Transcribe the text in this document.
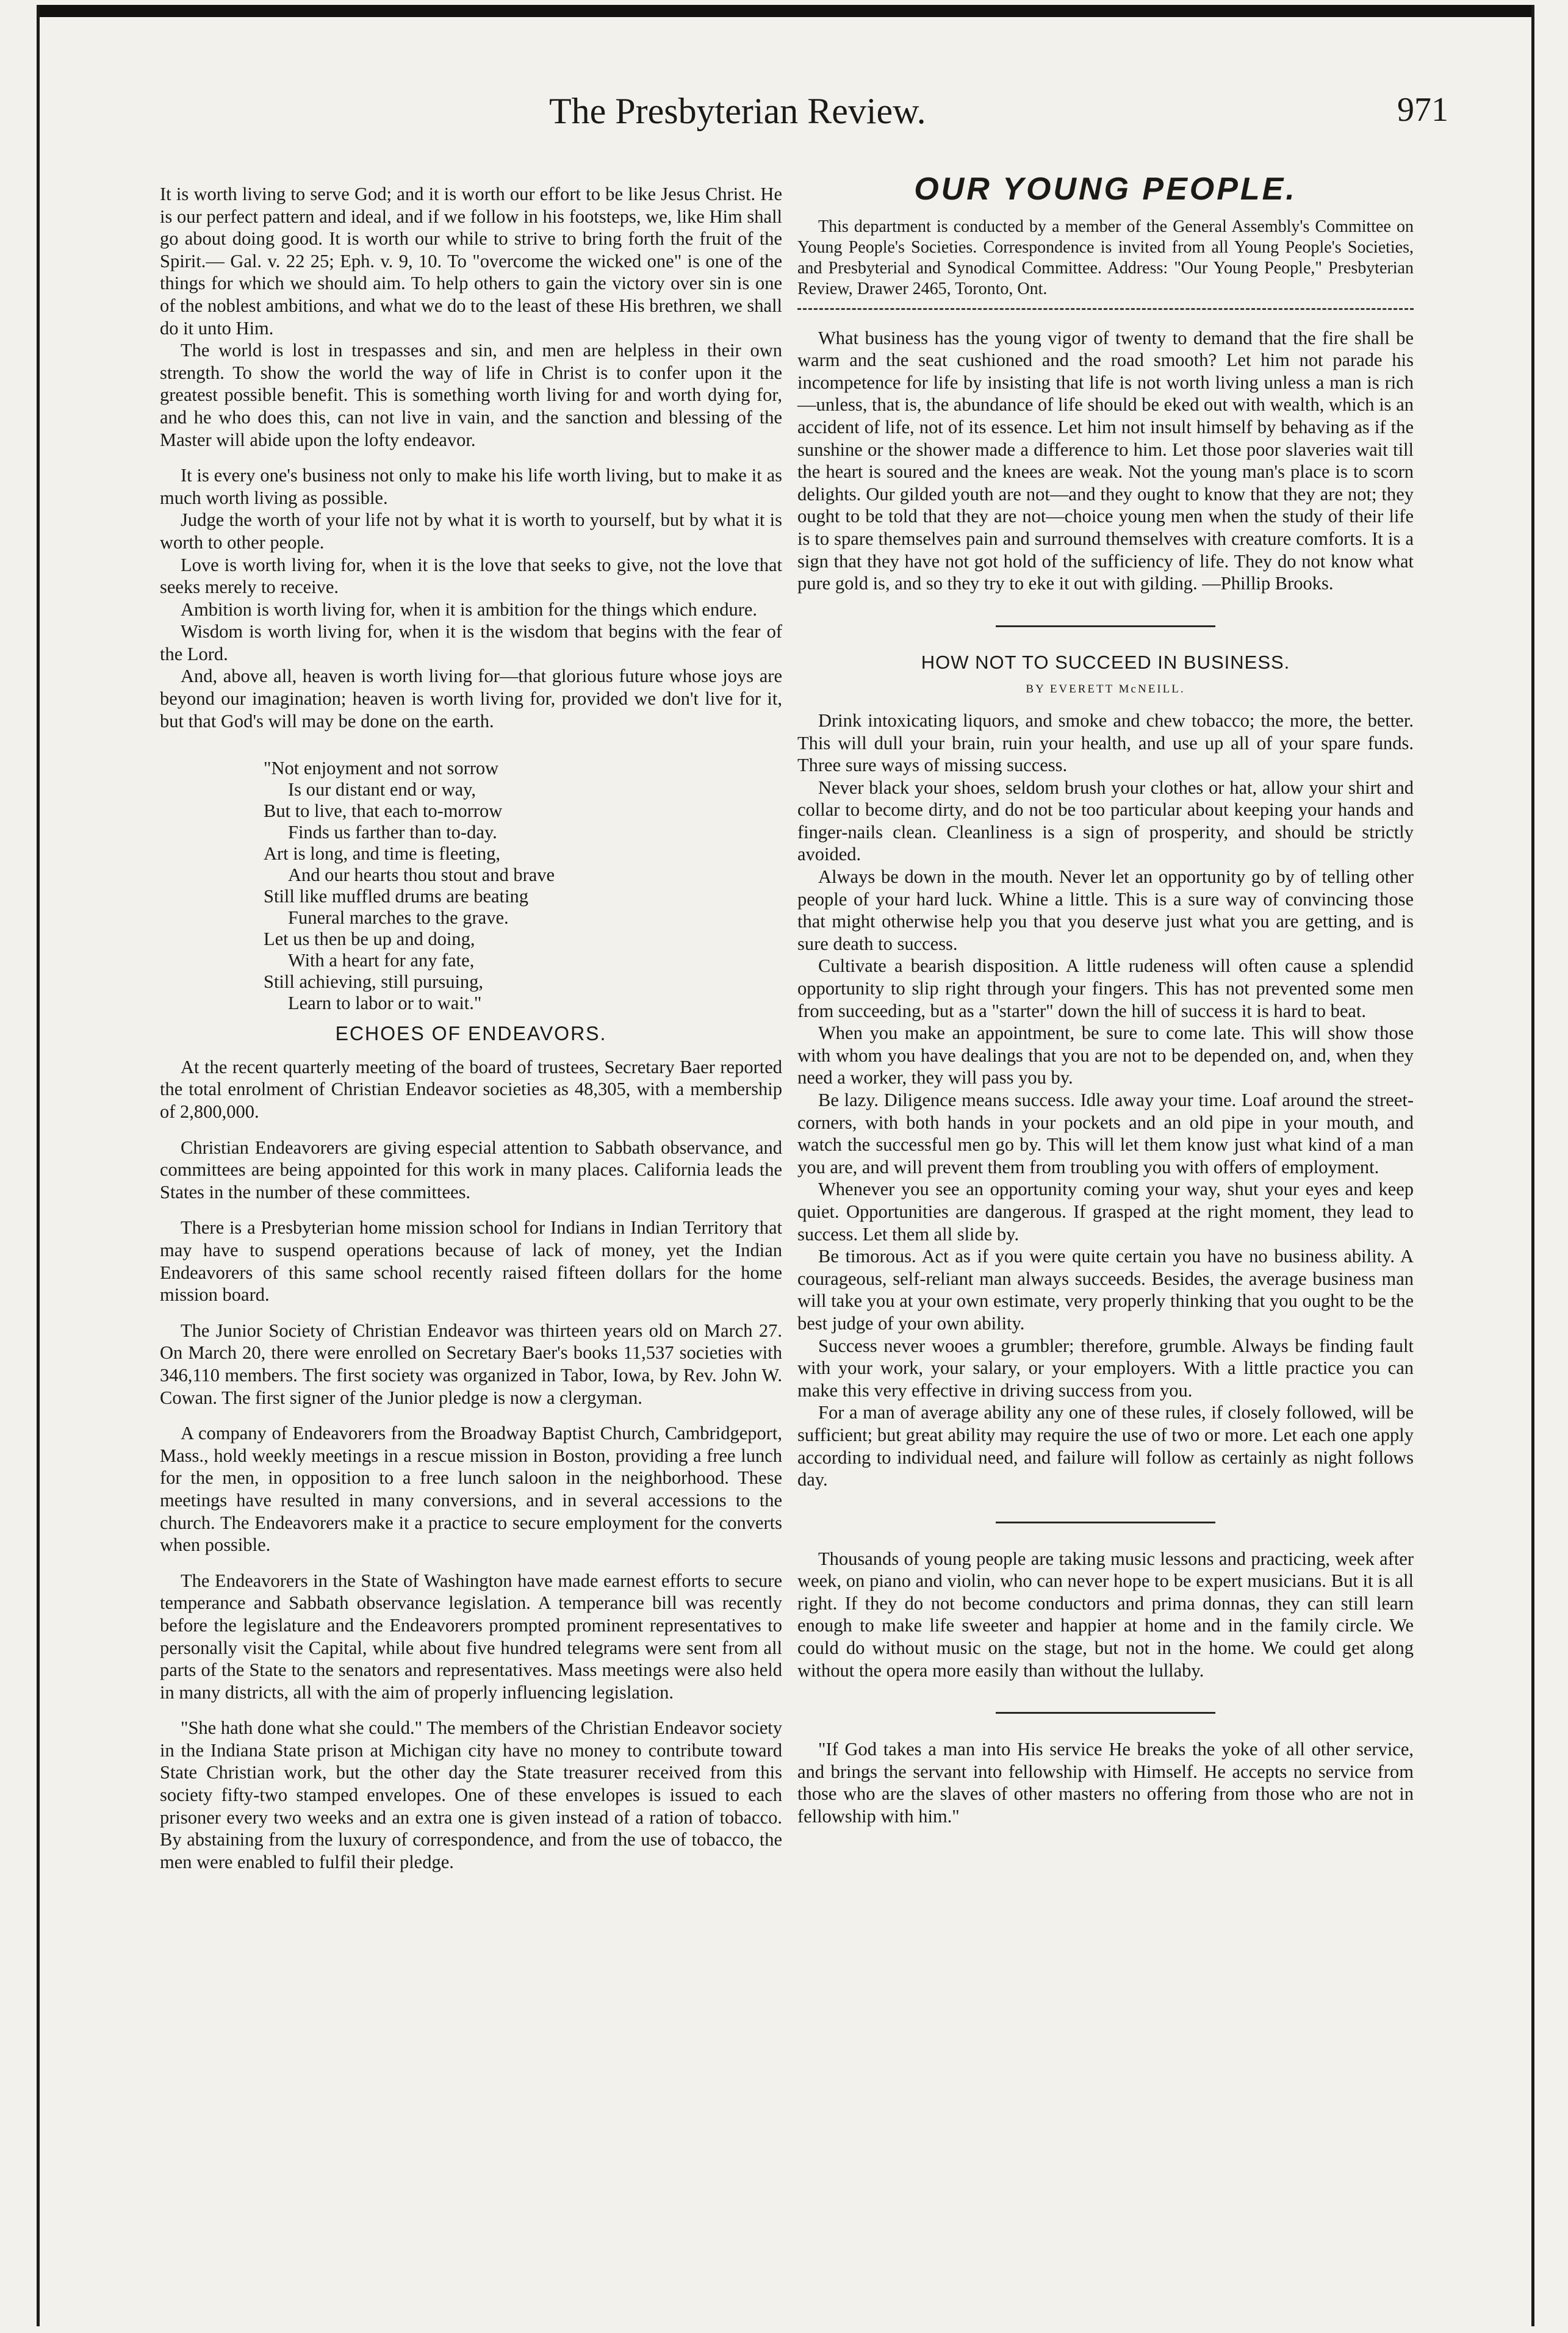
The Presbyterian Review.	971

It is worth living to serve God; and it is worth our effort to be like Jesus Christ. He is our perfect pattern and ideal, and if we follow in his footsteps, we, like Him shall go about doing good. It is worth our while to strive to bring forth the fruit of the Spirit.— Gal. v. 22 25; Eph. v. 9, 10. To "overcome the wicked one" is one of the things for which we should aim. To help others to gain the victory over sin is one of the noblest ambitions, and what we do to the least of these His brethren, we shall do it unto Him.

The world is lost in trespasses and sin, and men are helpless in their own strength. To show the world the way of life in Christ is to confer upon it the greatest possible benefit. This is something worth living for and worth dying for, and he who does this, can not live in vain, and the sanction and blessing of the Master will abide upon the lofty endeavor.

It is every one's business not only to make his life worth living, but to make it as much worth living as possible.

Judge the worth of your life not by what it is worth to yourself, but by what it is worth to other people.

Love is worth living for, when it is the love that seeks to give, not the love that seeks merely to receive.

Ambition is worth living for, when it is ambition for the things which endure.

Wisdom is worth living for, when it is the wisdom that begins with the fear of the Lord.

And, above all, heaven is worth living for—that glorious future whose joys are beyond our imagination; heaven is worth living for, provided we don't live for it, but that God's will may be done on the earth.

"Not enjoyment and not sorrow
Is our distant end or way,
But to live, that each to-morrow
Finds us farther than to-day.
Art is long, and time is fleeting,
And our hearts thou stout and brave
Still like muffled drums are beating
Funeral marches to the grave.
Let us then be up and doing,
With a heart for any fate,
Still achieving, still pursuing,
Learn to labor or to wait."
ECHOES OF ENDEAVORS.

At the recent quarterly meeting of the board of trustees, Secretary Baer reported the total enrolment of Christian Endeavor societies as 48,305, with a membership of 2,800,000.

Christian Endeavorers are giving especial attention to Sabbath observance, and committees are being appointed for this work in many places. California leads the States in the number of these committees.

There is a Presbyterian home mission school for Indians in Indian Territory that may have to suspend operations because of lack of money, yet the Indian Endeavorers of this same school recently raised fifteen dollars for the home mission board.

The Junior Society of Christian Endeavor was thirteen years old on March 27. On March 20, there were enrolled on Secretary Baer's books 11,537 societies with 346,110 members. The first society was organized in Tabor, Iowa, by Rev. John W. Cowan. The first signer of the Junior pledge is now a clergyman.

A company of Endeavorers from the Broadway Baptist Church, Cambridgeport, Mass., hold weekly meetings in a rescue mission in Boston, providing a free lunch for the men, in opposition to a free lunch saloon in the neighborhood. These meetings have resulted in many conversions, and in several accessions to the church. The Endeavorers make it a practice to secure employment for the converts when possible.

The Endeavorers in the State of Washington have made earnest efforts to secure temperance and Sabbath observance legislation. A temperance bill was recently before the legislature and the Endeavorers prompted prominent representatives to personally visit the Capital, while about five hundred telegrams were sent from all parts of the State to the senators and representatives. Mass meetings were also held in many districts, all with the aim of properly influencing legislation.

"She hath done what she could." The members of the Christian Endeavor society in the Indiana State prison at Michigan city have no money to contribute toward State Christian work, but the other day the State treasurer received from this society fifty-two stamped envelopes. One of these envelopes is issued to each prisoner every two weeks and an extra one is given instead of a ration of tobacco. By abstaining from the luxury of correspondence, and from the use of tobacco, the men were enabled to fulfil their pledge.

OUR YOUNG PEOPLE.

This department is conducted by a member of the General Assembly's Committee on Young People's Societies. Correspondence is invited from all Young People's Societies, and Presbyterial and Synodical Committee. Address: "Our Young People," Presbyterian Review, Drawer 2465, Toronto, Ont.

What business has the young vigor of twenty to demand that the fire shall be warm and the seat cushioned and the road smooth? Let him not parade his incompetence for life by insisting that life is not worth living unless a man is rich—unless, that is, the abundance of life should be eked out with wealth, which is an accident of life, not of its essence. Let him not insult himself by behaving as if the sunshine or the shower made a difference to him. Let those poor slaveries wait till the heart is soured and the knees are weak. Not the young man's place is to scorn delights. Our gilded youth are not—and they ought to know that they are not; they ought to be told that they are not—choice young men when the study of their life is to spare themselves pain and surround themselves with creature comforts. It is a sign that they have not got hold of the sufficiency of life. They do not know what pure gold is, and so they try to eke it out with gilding. —Phillip Brooks.

HOW NOT TO SUCCEED IN BUSINESS.
BY EVERETT McNEILL.

Drink intoxicating liquors, and smoke and chew tobacco; the more, the better. This will dull your brain, ruin your health, and use up all of your spare funds. Three sure ways of missing success.

Never black your shoes, seldom brush your clothes or hat, allow your shirt and collar to become dirty, and do not be too particular about keeping your hands and finger-nails clean. Cleanliness is a sign of prosperity, and should be strictly avoided.

Always be down in the mouth. Never let an opportunity go by of telling other people of your hard luck. Whine a little. This is a sure way of convincing those that might otherwise help you that you deserve just what you are getting, and is sure death to success.

Cultivate a bearish disposition. A little rudeness will often cause a splendid opportunity to slip right through your fingers. This has not prevented some men from succeeding, but as a "starter" down the hill of success it is hard to beat.

When you make an appointment, be sure to come late. This will show those with whom you have dealings that you are not to be depended on, and, when they need a worker, they will pass you by.

Be lazy. Diligence means success. Idle away your time. Loaf around the street-corners, with both hands in your pockets and an old pipe in your mouth, and watch the successful men go by. This will let them know just what kind of a man you are, and will prevent them from troubling you with offers of employment.

Whenever you see an opportunity coming your way, shut your eyes and keep quiet. Opportunities are dangerous. If grasped at the right moment, they lead to success. Let them all slide by.

Be timorous. Act as if you were quite certain you have no business ability. A courageous, self-reliant man always succeeds. Besides, the average business man will take you at your own estimate, very properly thinking that you ought to be the best judge of your own ability.

Success never wooes a grumbler; therefore, grumble. Always be finding fault with your work, your salary, or your employers. With a little practice you can make this very effective in driving success from you.

For a man of average ability any one of these rules, if closely followed, will be sufficient; but great ability may require the use of two or more. Let each one apply according to individual need, and failure will follow as certainly as night follows day.

Thousands of young people are taking music lessons and practicing, week after week, on piano and violin, who can never hope to be expert musicians. But it is all right. If they do not become conductors and prima donnas, they can still learn enough to make life sweeter and happier at home and in the family circle. We could do without music on the stage, but not in the home. We could get along without the opera more easily than without the lullaby.

"If God takes a man into His service He breaks the yoke of all other service, and brings the servant into fellowship with Himself. He accepts no service from those who are the slaves of other masters no offering from those who are not in fellowship with him."
